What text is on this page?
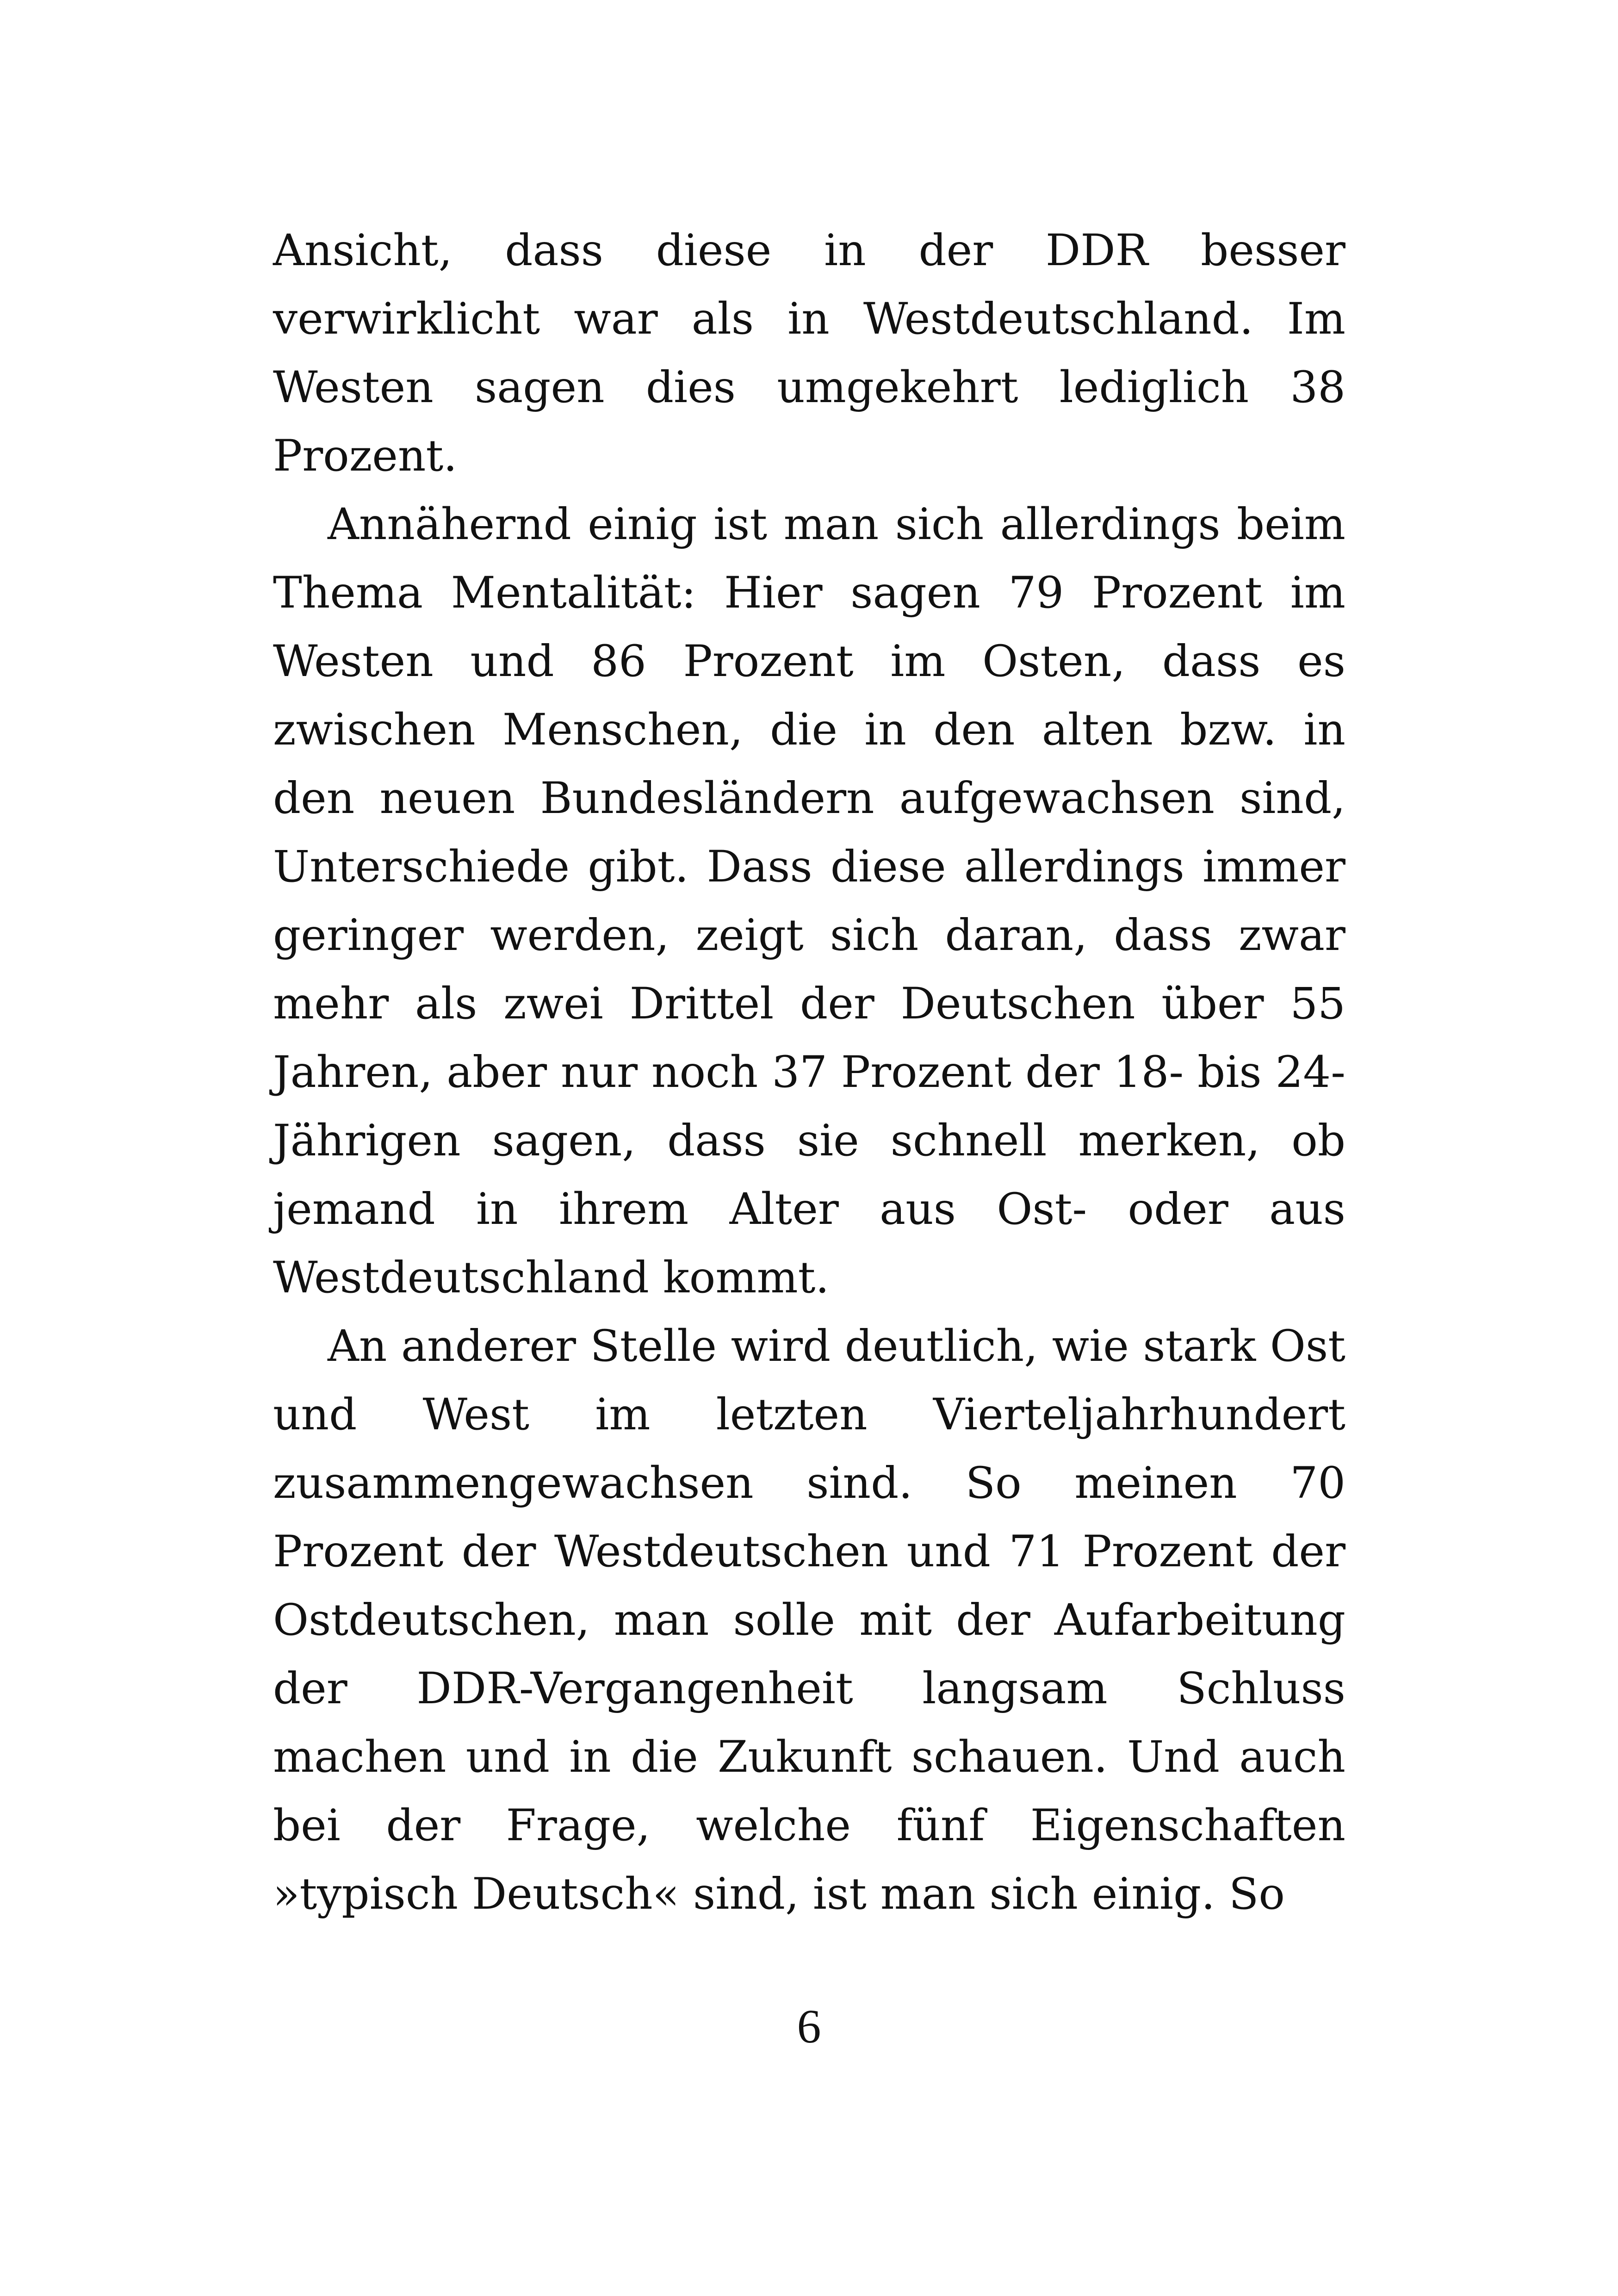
Ansicht, dass diese in der DDR besser verwirklicht war als in Westdeutschland. Im Westen sagen dies umgekehrt lediglich 38 Prozent.

Annähernd einig ist man sich allerdings beim Thema Mentalität: Hier sagen 79 Prozent im Westen und 86 Prozent im Osten, dass es zwischen Menschen, die in den alten bzw. in den neuen Bundesländern aufgewachsen sind, Unterschiede gibt. Dass diese allerdings immer geringer werden, zeigt sich daran, dass zwar mehr als zwei Drittel der Deutschen über 55 Jahren, aber nur noch 37 Prozent der 18- bis 24-Jährigen sagen, dass sie schnell merken, ob jemand in ihrem Alter aus Ost- oder aus Westdeutschland kommt.

An anderer Stelle wird deutlich, wie stark Ost und West im letzten Vierteljahrhundert zusammengewachsen sind. So meinen 70 Prozent der Westdeutschen und 71 Prozent der Ostdeutschen, man solle mit der Aufarbeitung der DDR-Vergangenheit langsam Schluss machen und in die Zukunft schauen. Und auch bei der Frage, welche fünf Eigenschaften »typisch Deutsch« sind, ist man sich einig. So

6
